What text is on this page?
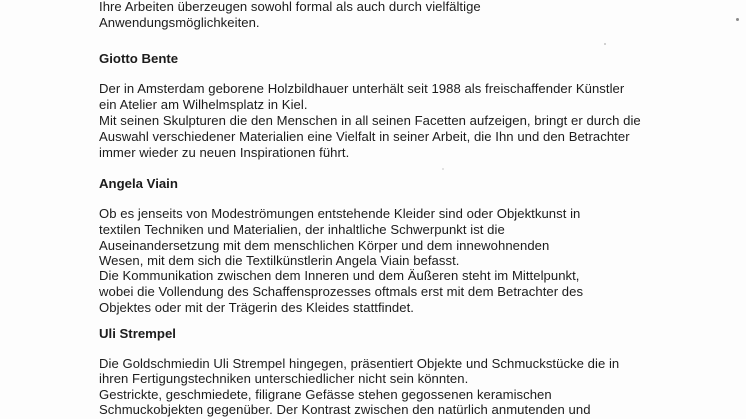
Ihre Arbeiten überzeugen sowohl formal als auch durch vielfältige
Anwendungsmöglichkeiten.
Giotto Bente
Der in Amsterdam geborene Holzbildhauer unterhält seit 1988 als freischaffender Künstler
ein Atelier am Wilhelmsplatz in Kiel.
Mit seinen Skulpturen die den Menschen in all seinen Facetten aufzeigen, bringt er durch die
Auswahl verschiedener Materialien eine Vielfalt in seiner Arbeit, die Ihn und den Betrachter
immer wieder zu neuen Inspirationen führt.
Angela Viain
Ob es jenseits von Modeströmungen entstehende Kleider sind oder Objektkunst in
textilen Techniken und Materialien, der inhaltliche Schwerpunkt ist die
Auseinandersetzung mit dem menschlichen Körper und dem innewohnenden
Wesen, mit dem sich die Textilkünstlerin Angela Viain befasst.
Die Kommunikation zwischen dem Inneren und dem Äußeren steht im Mittelpunkt,
wobei die Vollendung des Schaffensprozesses oftmals erst mit dem Betrachter des
Objektes oder mit der Trägerin des Kleides stattfindet.
Uli Strempel
Die Goldschmiedin Uli Strempel hingegen, präsentiert Objekte und Schmuckstücke die in
ihren Fertigungstechniken unterschiedlicher nicht sein könnten.
Gestrickte, geschmiedete, filigrane Gefässe stehen gegossenen keramischen
Schmuckobjekten gegenüber. Der Kontrast zwischen den natürlich anmutenden und
